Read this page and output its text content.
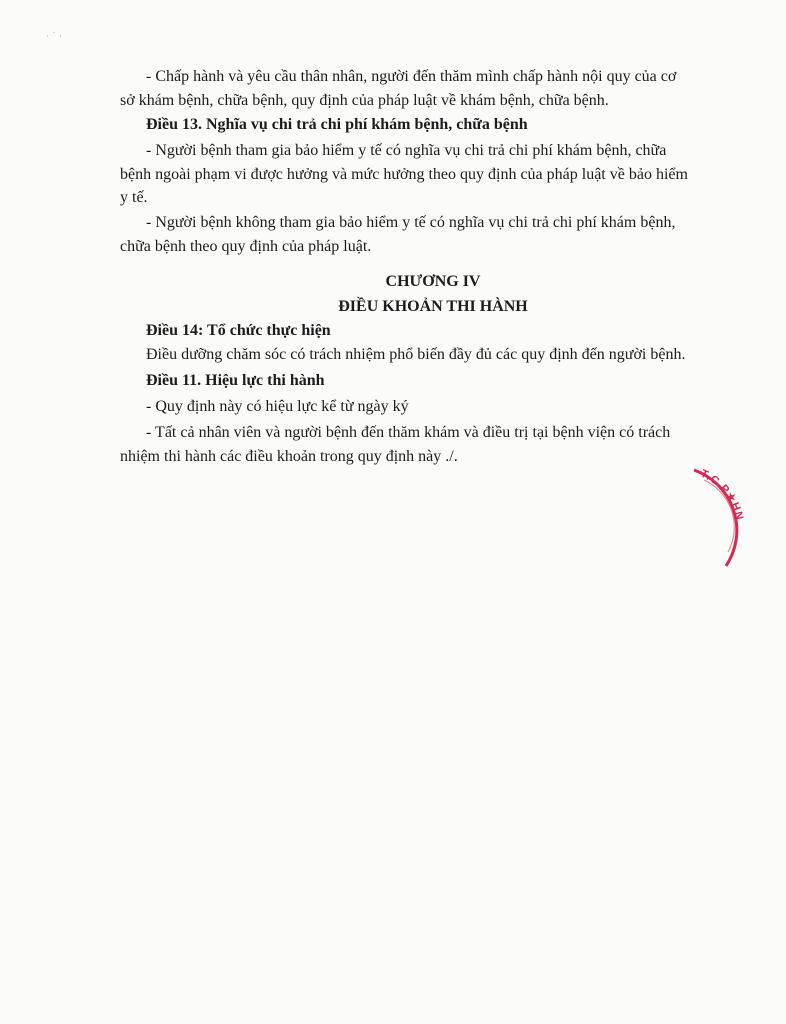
· ˙ ·
- Chấp hành và yêu cầu thân nhân, người đến thăm mình chấp hành nội quy của cơ
sở khám bệnh, chữa bệnh, quy định của pháp luật về khám bệnh, chữa bệnh.
Điều 13. Nghĩa vụ chi trả chi phí khám bệnh, chữa bệnh
- Người bệnh tham gia bảo hiểm y tế có nghĩa vụ chi trả chi phí khám bệnh, chữa
bệnh ngoài phạm vi được hưởng và mức hưởng theo quy định của pháp luật về bảo hiểm
y tế.
- Người bệnh không tham gia bảo hiểm y tế có nghĩa vụ chi trả chi phí khám bệnh,
chữa bệnh theo quy định của pháp luật.
CHƯƠNG IV
ĐIỀU KHOẢN THI HÀNH
Điều 14: Tổ chức thực hiện
Điều dưỡng chăm sóc có trách nhiệm phổ biến đầy đủ các quy định đến người bệnh.
Điều 11. Hiệu lực thi hành
- Quy định này có hiệu lực kể từ ngày ký
- Tất cả nhân viên và người bệnh đến thăm khám và điều trị tại bệnh viện có trách
nhiệm thi hành các điều khoản trong quy định này ./.
T.C.P★HN
